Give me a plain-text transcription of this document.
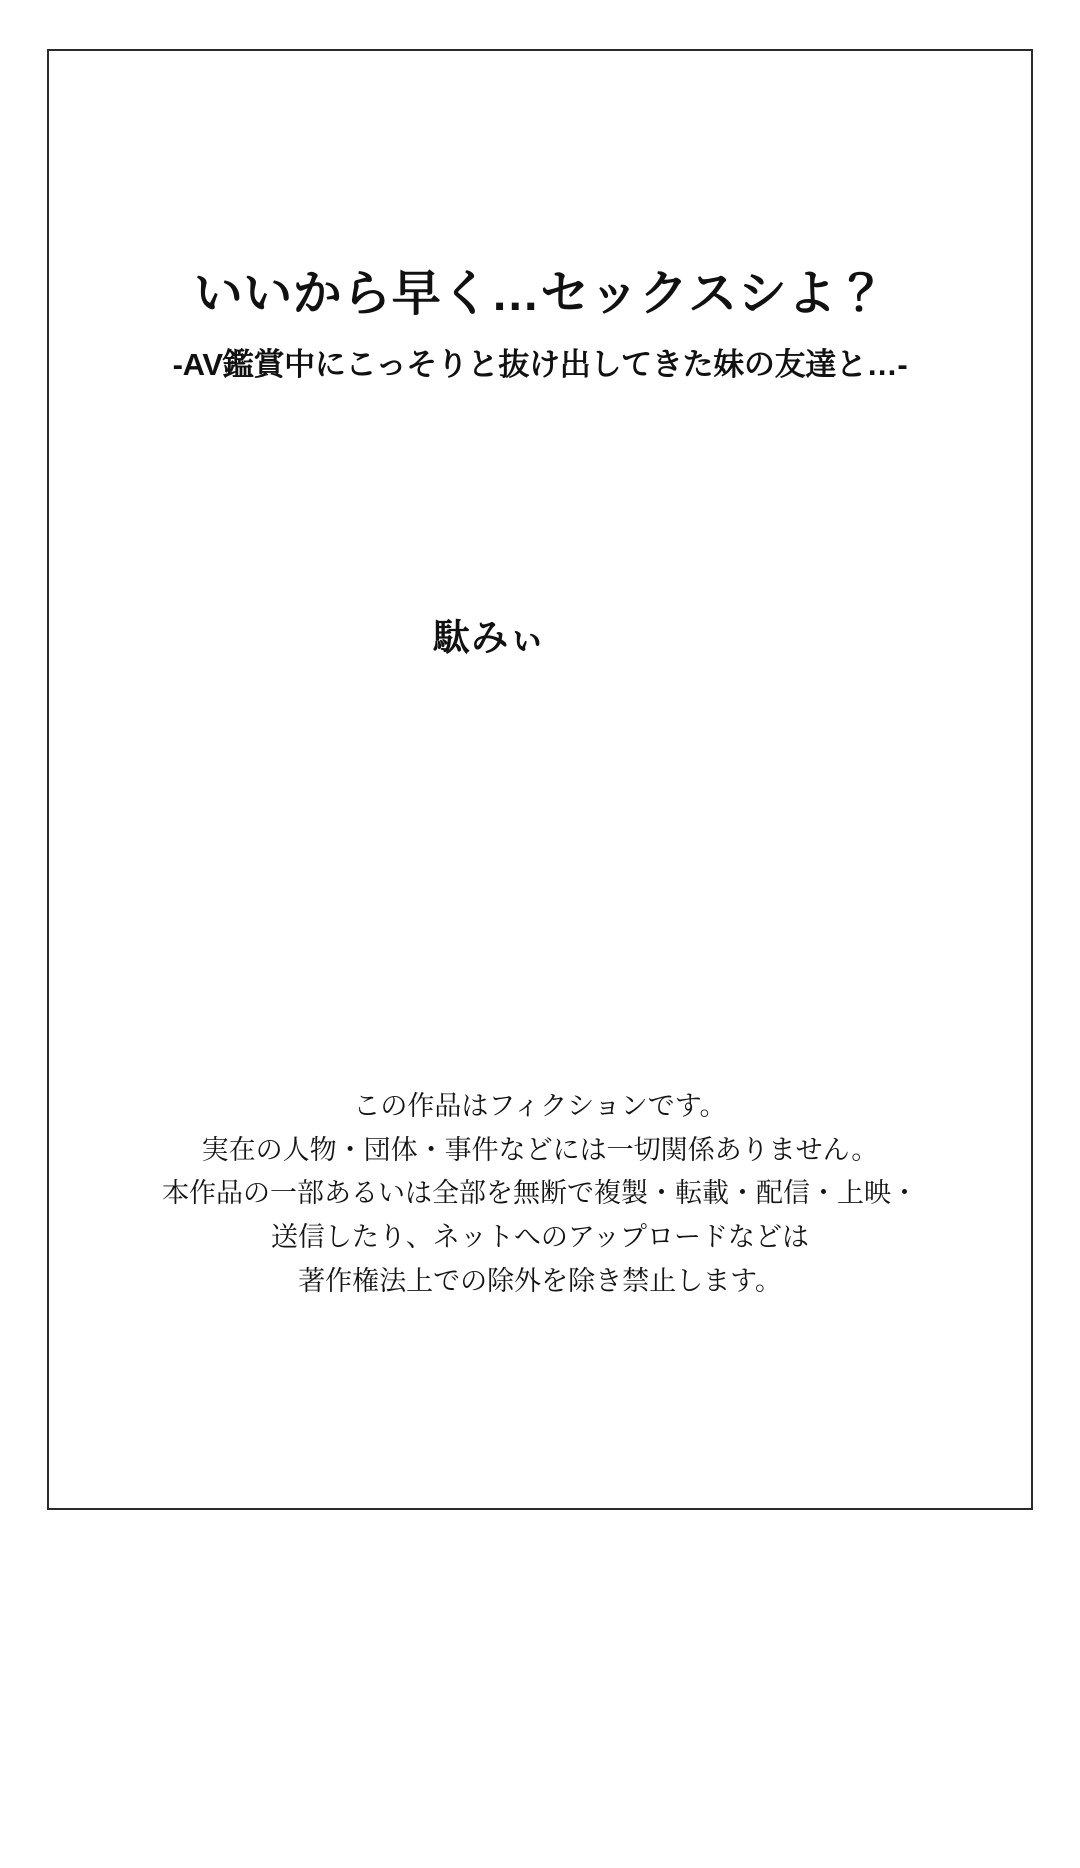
いいから早く…セックスシよ？

-AV鑑賞中にこっそりと抜け出してきた妹の友達と…-

駄みぃ

この作品はフィクションです。
実在の人物・団体・事件などには一切関係ありません。
本作品の一部あるいは全部を無断で複製・転載・配信・上映・
送信したり、ネットへのアップロードなどは
著作権法上での除外を除き禁止します。
